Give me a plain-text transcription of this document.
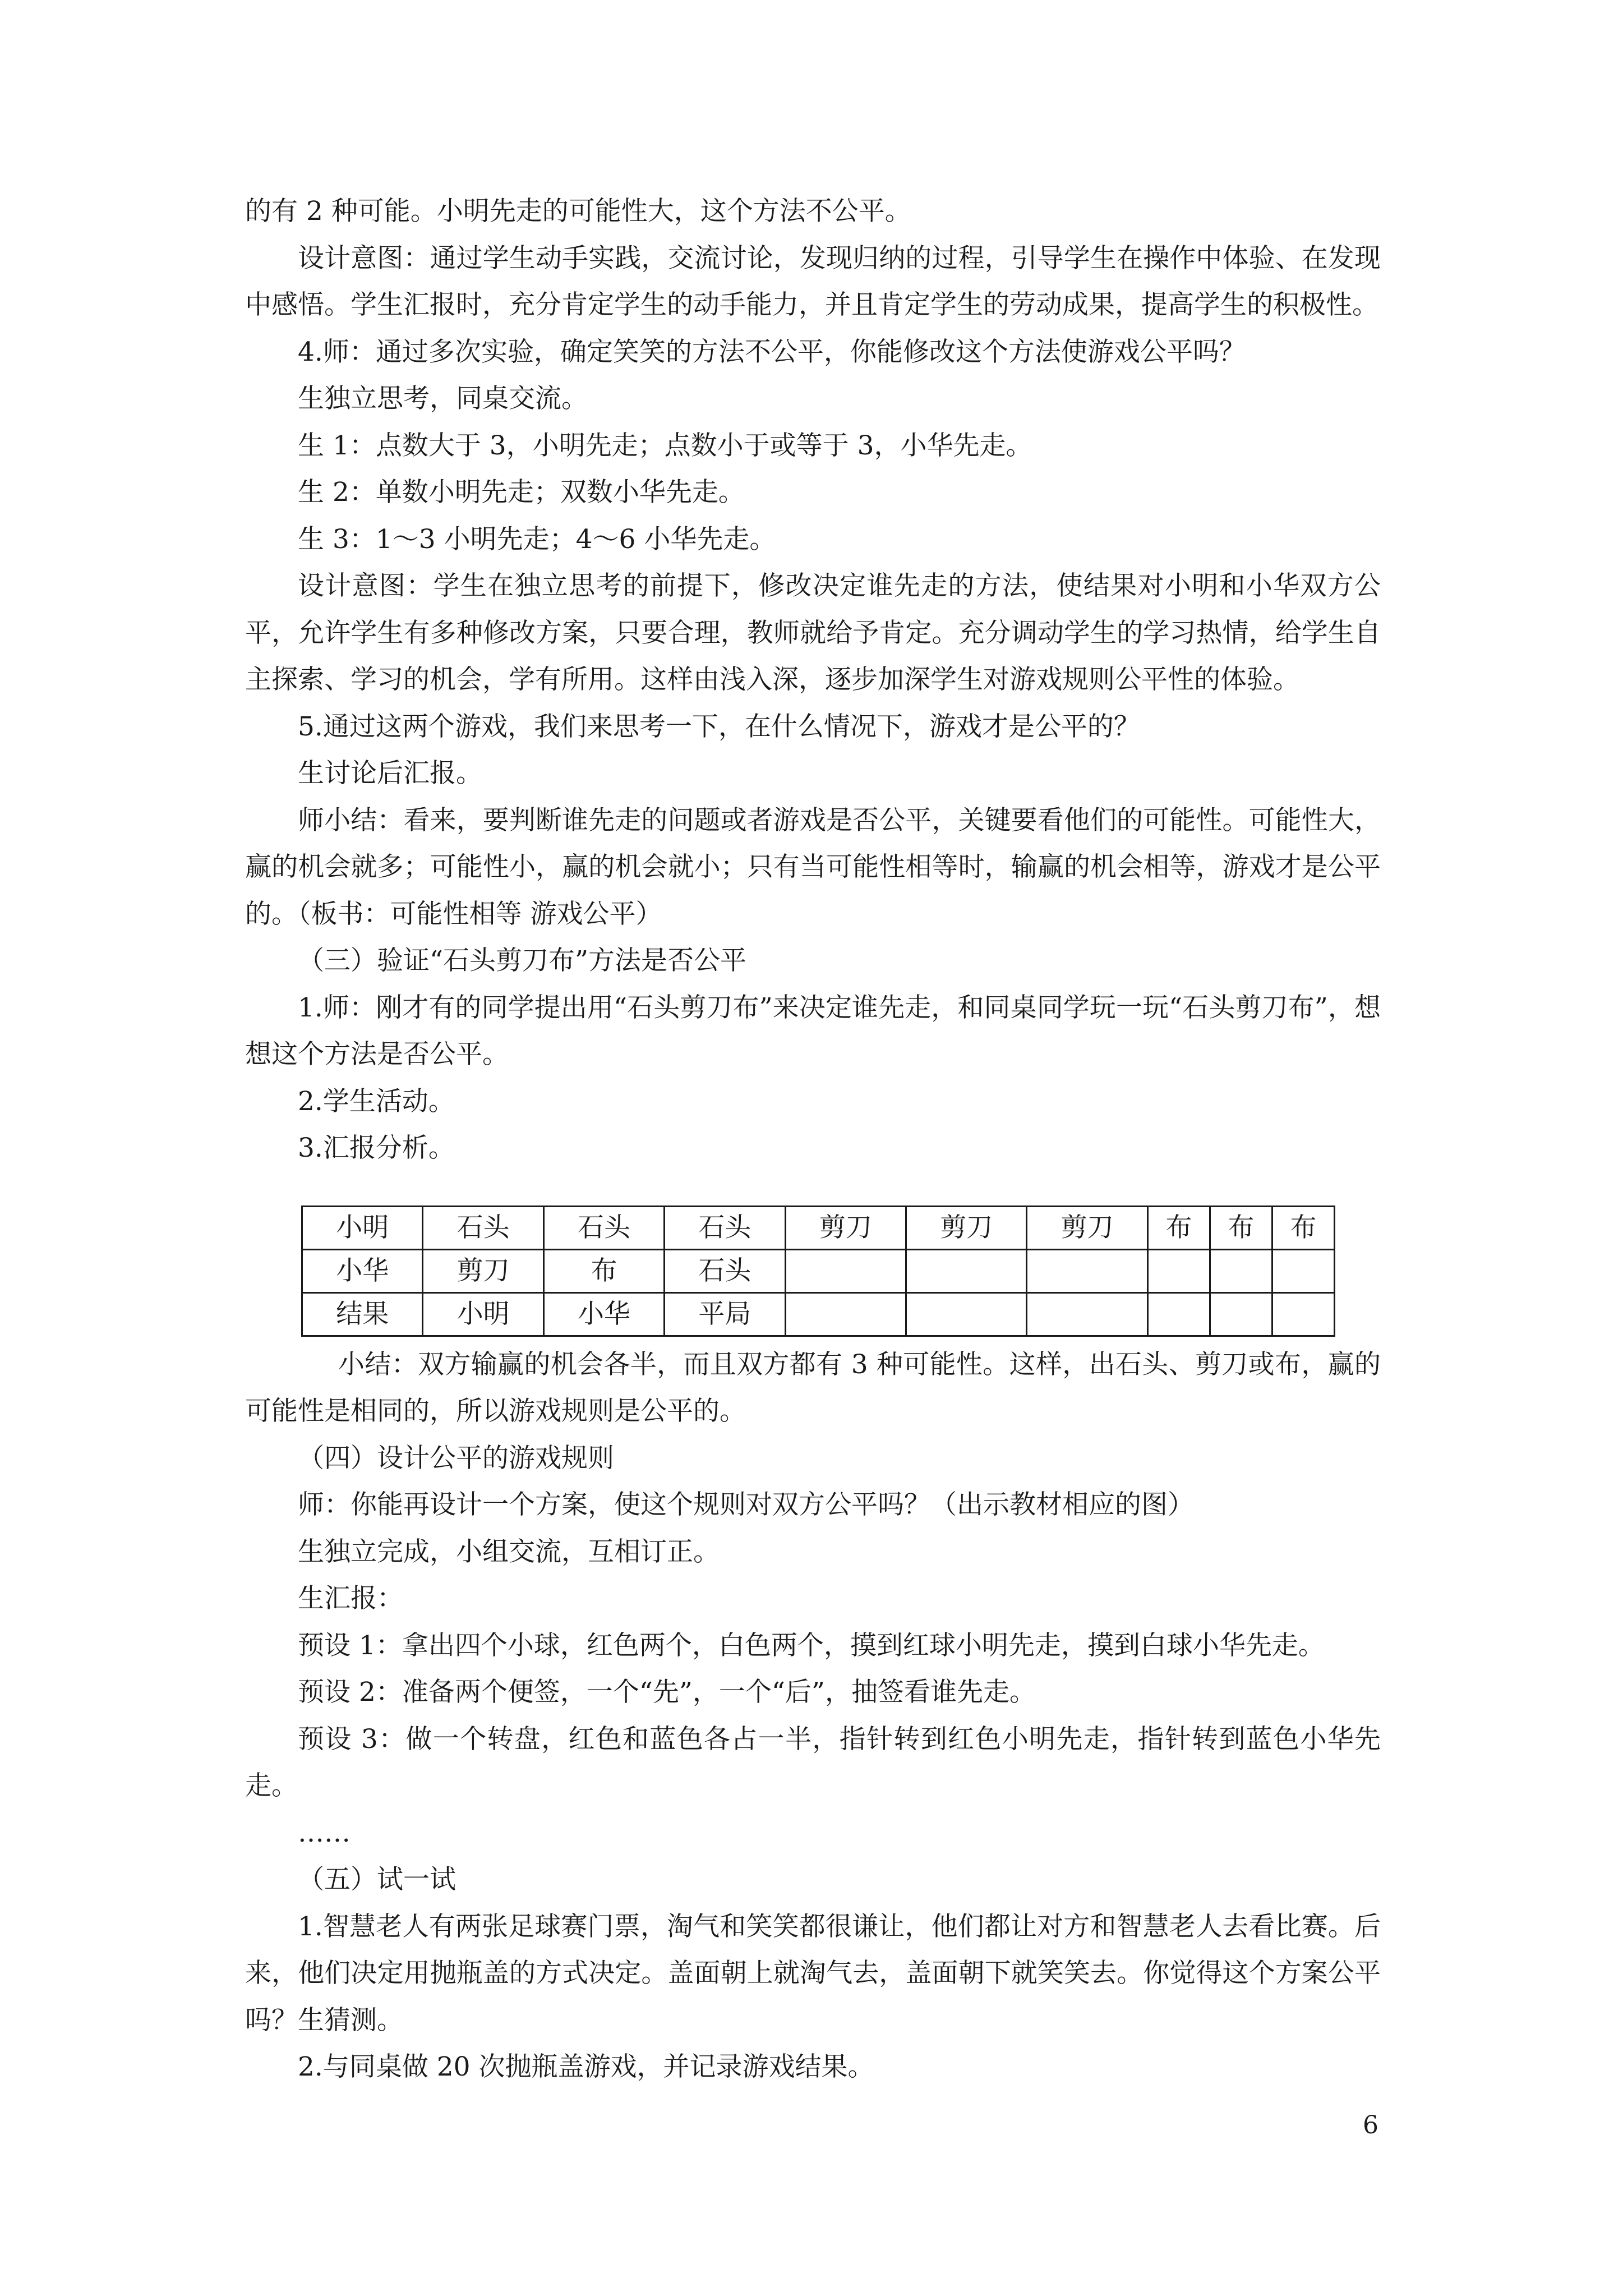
的有 2 种可能。小明先走的可能性大，这个方法不公平。

设计意图：通过学生动手实践，交流讨论，发现归纳的过程，引导学生在操作中体验、在发现中感悟。学生汇报时，充分肯定学生的动手能力，并且肯定学生的劳动成果，提高学生的积极性。

4.师：通过多次实验，确定笑笑的方法不公平，你能修改这个方法使游戏公平吗？

生独立思考，同桌交流。

生 1：点数大于 3，小明先走；点数小于或等于 3，小华先走。

生 2：单数小明先走；双数小华先走。

生 3：1～3 小明先走；4～6 小华先走。

设计意图：学生在独立思考的前提下，修改决定谁先走的方法，使结果对小明和小华双方公平，允许学生有多种修改方案，只要合理，教师就给予肯定。充分调动学生的学习热情，给学生自主探索、学习的机会，学有所用。这样由浅入深，逐步加深学生对游戏规则公平性的体验。

5.通过这两个游戏，我们来思考一下，在什么情况下，游戏才是公平的？

生讨论后汇报。

师小结：看来，要判断谁先走的问题或者游戏是否公平，关键要看他们的可能性。可能性大，赢的机会就多；可能性小，赢的机会就小；只有当可能性相等时，输赢的机会相等，游戏才是公平的。（板书：可能性相等 游戏公平）

（三）验证“石头剪刀布”方法是否公平

1.师：刚才有的同学提出用“石头剪刀布”来决定谁先走，和同桌同学玩一玩“石头剪刀布”，想想这个方法是否公平。

2.学生活动。

3.汇报分析。

小明	石头	石头	石头	剪刀	剪刀	剪刀	布	布	布
小华	剪刀	布	石头						
结果	小明	小华	平局						

小结：双方输赢的机会各半，而且双方都有 3 种可能性。这样，出石头、剪刀或布，赢的可能性是相同的，所以游戏规则是公平的。

（四）设计公平的游戏规则

师：你能再设计一个方案，使这个规则对双方公平吗？（出示教材相应的图）

生独立完成，小组交流，互相订正。

生汇报：

预设 1：拿出四个小球，红色两个，白色两个，摸到红球小明先走，摸到白球小华先走。

预设 2：准备两个便签，一个“先”，一个“后”，抽签看谁先走。

预设 3：做一个转盘，红色和蓝色各占一半，指针转到红色小明先走，指针转到蓝色小华先走。

……

（五）试一试

1.智慧老人有两张足球赛门票，淘气和笑笑都很谦让，他们都让对方和智慧老人去看比赛。后来，他们决定用抛瓶盖的方式决定。盖面朝上就淘气去，盖面朝下就笑笑去。你觉得这个方案公平吗？生猜测。

2.与同桌做 20 次抛瓶盖游戏，并记录游戏结果。

6
